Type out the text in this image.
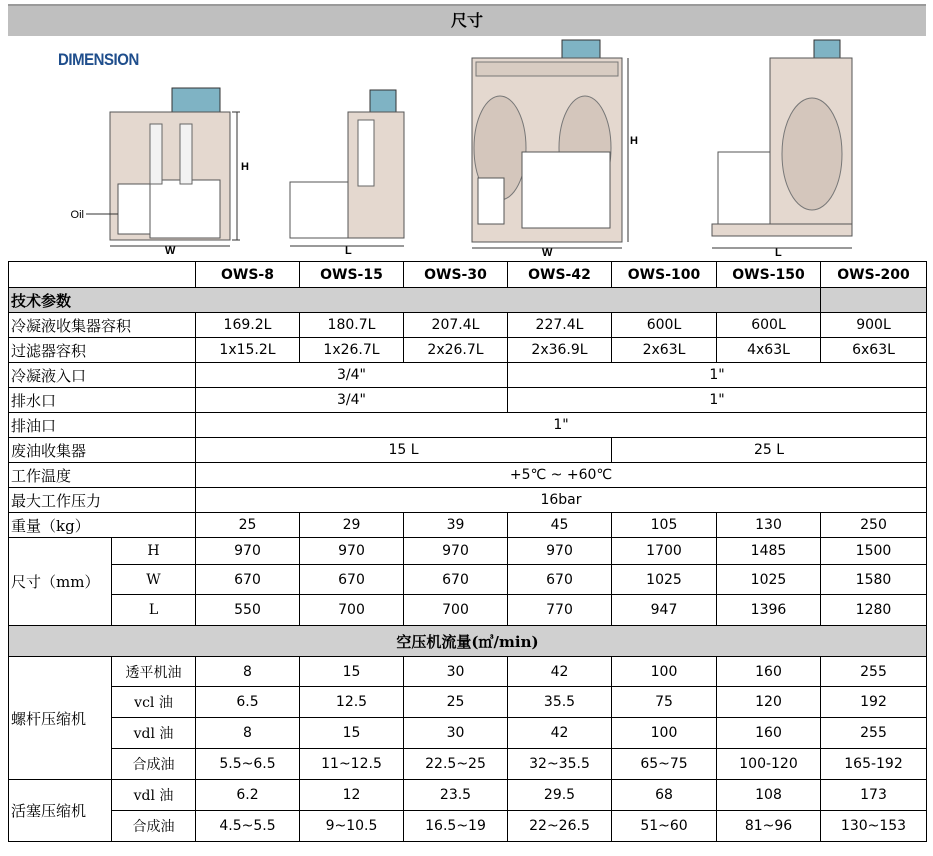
尺寸
DIMENSION
Oil
H
W	L
H
W	L
		OWS-8	OWS-15	OWS-30	OWS-42	OWS-100	OWS-150	OWS-200
技术参数								
冷凝液收集器容积		169.2L	180.7L	207.4L	227.4L	600L	600L	900L
过滤器容积		1x15.2L	1x26.7L	2x26.7L	2x36.9L	2x63L	4x63L	6x63L
冷凝液入口		3/4"			1"			
排水口		3/4"			1"			
排油口		1"						
废油收集器		15 L				25 L		
工作温度		+5℃ ~ +60℃						
最大工作压力		16bar						
重量（kg）		25	29	39	45	105	130	250
尺寸（mm）	H	970	970	970	970	1700	1485	1500
	W	670	670	670	670	1025	1025	1580
	L	550	700	700	770	947	1396	1280
空压机流量(㎥/min)								
螺杆压缩机	透平机油	8	15	30	42	100	160	255
	vcl 油	6.5	12.5	25	35.5	75	120	192
	vdl 油	8	15	30	42	100	160	255
	合成油	5.5~6.5	11~12.5	22.5~25	32~35.5	65~75	100-120	165-192
活塞压缩机	vdl 油	6.2	12	23.5	29.5	68	108	173
	合成油	4.5~5.5	9~10.5	16.5~19	22~26.5	51~60	81~96	130~153
